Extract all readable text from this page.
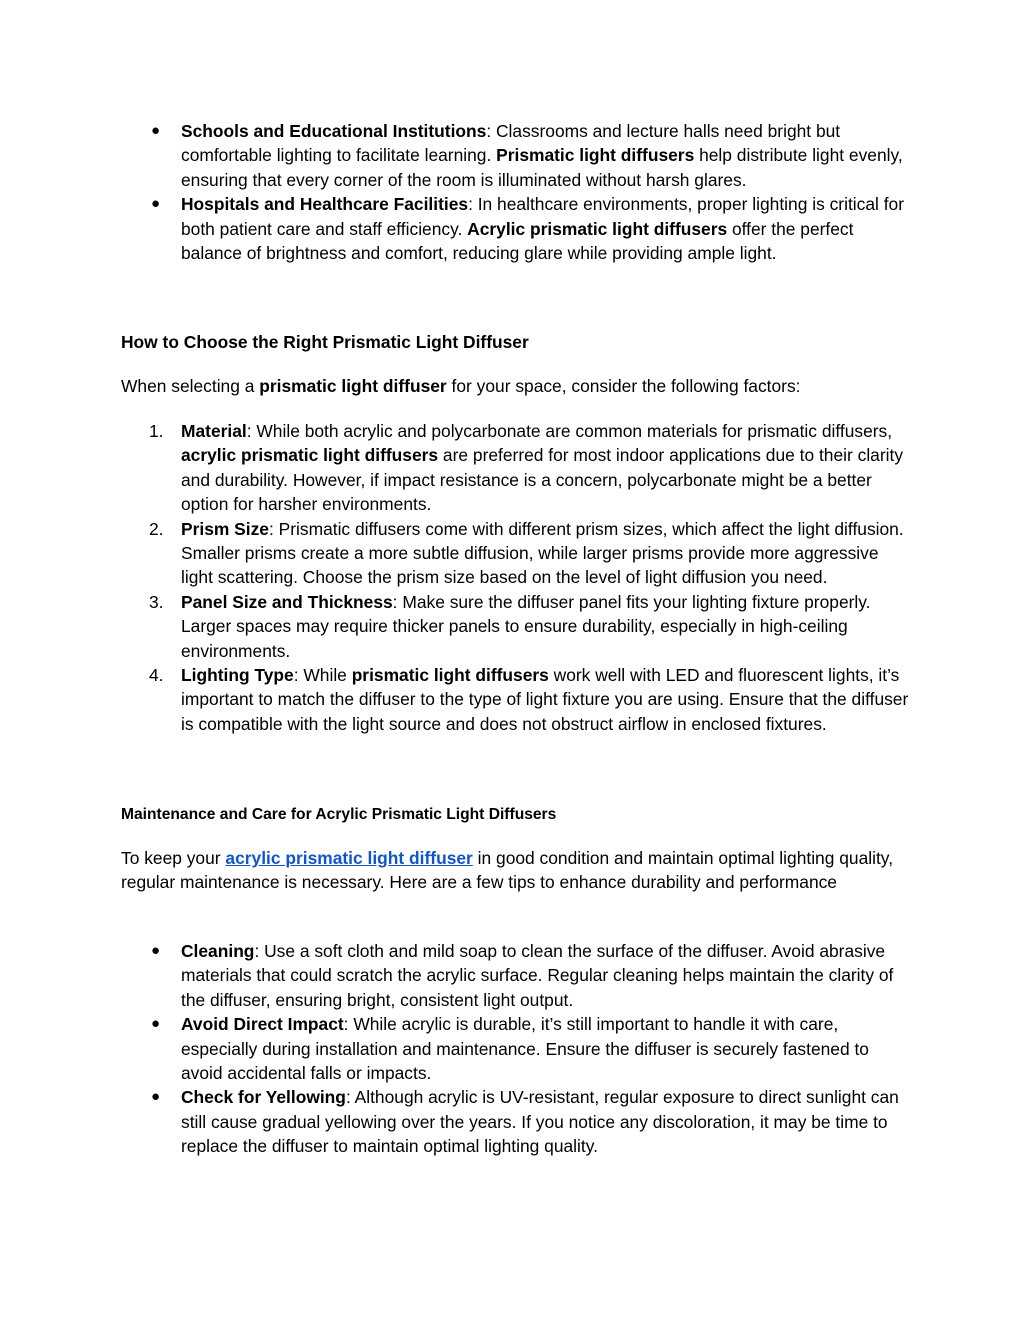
● Schools and Educational Institutions: Classrooms and lecture halls need bright but comfortable lighting to facilitate learning. Prismatic light diffusers help distribute light evenly, ensuring that every corner of the room is illuminated without harsh glares.
● Hospitals and Healthcare Facilities: In healthcare environments, proper lighting is critical for both patient care and staff efficiency. Acrylic prismatic light diffusers offer the perfect balance of brightness and comfort, reducing glare while providing ample light.
How to Choose the Right Prismatic Light Diffuser
When selecting a prismatic light diffuser for your space, consider the following factors:
1. Material: While both acrylic and polycarbonate are common materials for prismatic diffusers, acrylic prismatic light diffusers are preferred for most indoor applications due to their clarity and durability. However, if impact resistance is a concern, polycarbonate might be a better option for harsher environments.
2. Prism Size: Prismatic diffusers come with different prism sizes, which affect the light diffusion. Smaller prisms create a more subtle diffusion, while larger prisms provide more aggressive light scattering. Choose the prism size based on the level of light diffusion you need.
3. Panel Size and Thickness: Make sure the diffuser panel fits your lighting fixture properly. Larger spaces may require thicker panels to ensure durability, especially in high-ceiling environments.
4. Lighting Type: While prismatic light diffusers work well with LED and fluorescent lights, it’s important to match the diffuser to the type of light fixture you are using. Ensure that the diffuser is compatible with the light source and does not obstruct airflow in enclosed fixtures.
Maintenance and Care for Acrylic Prismatic Light Diffusers
To keep your acrylic prismatic light diffuser in good condition and maintain optimal lighting quality, regular maintenance is necessary. Here are a few tips to enhance durability and performance
● Cleaning: Use a soft cloth and mild soap to clean the surface of the diffuser. Avoid abrasive materials that could scratch the acrylic surface. Regular cleaning helps maintain the clarity of the diffuser, ensuring bright, consistent light output.
● Avoid Direct Impact: While acrylic is durable, it’s still important to handle it with care, especially during installation and maintenance. Ensure the diffuser is securely fastened to avoid accidental falls or impacts.
● Check for Yellowing: Although acrylic is UV-resistant, regular exposure to direct sunlight can still cause gradual yellowing over the years. If you notice any discoloration, it may be time to replace the diffuser to maintain optimal lighting quality.
